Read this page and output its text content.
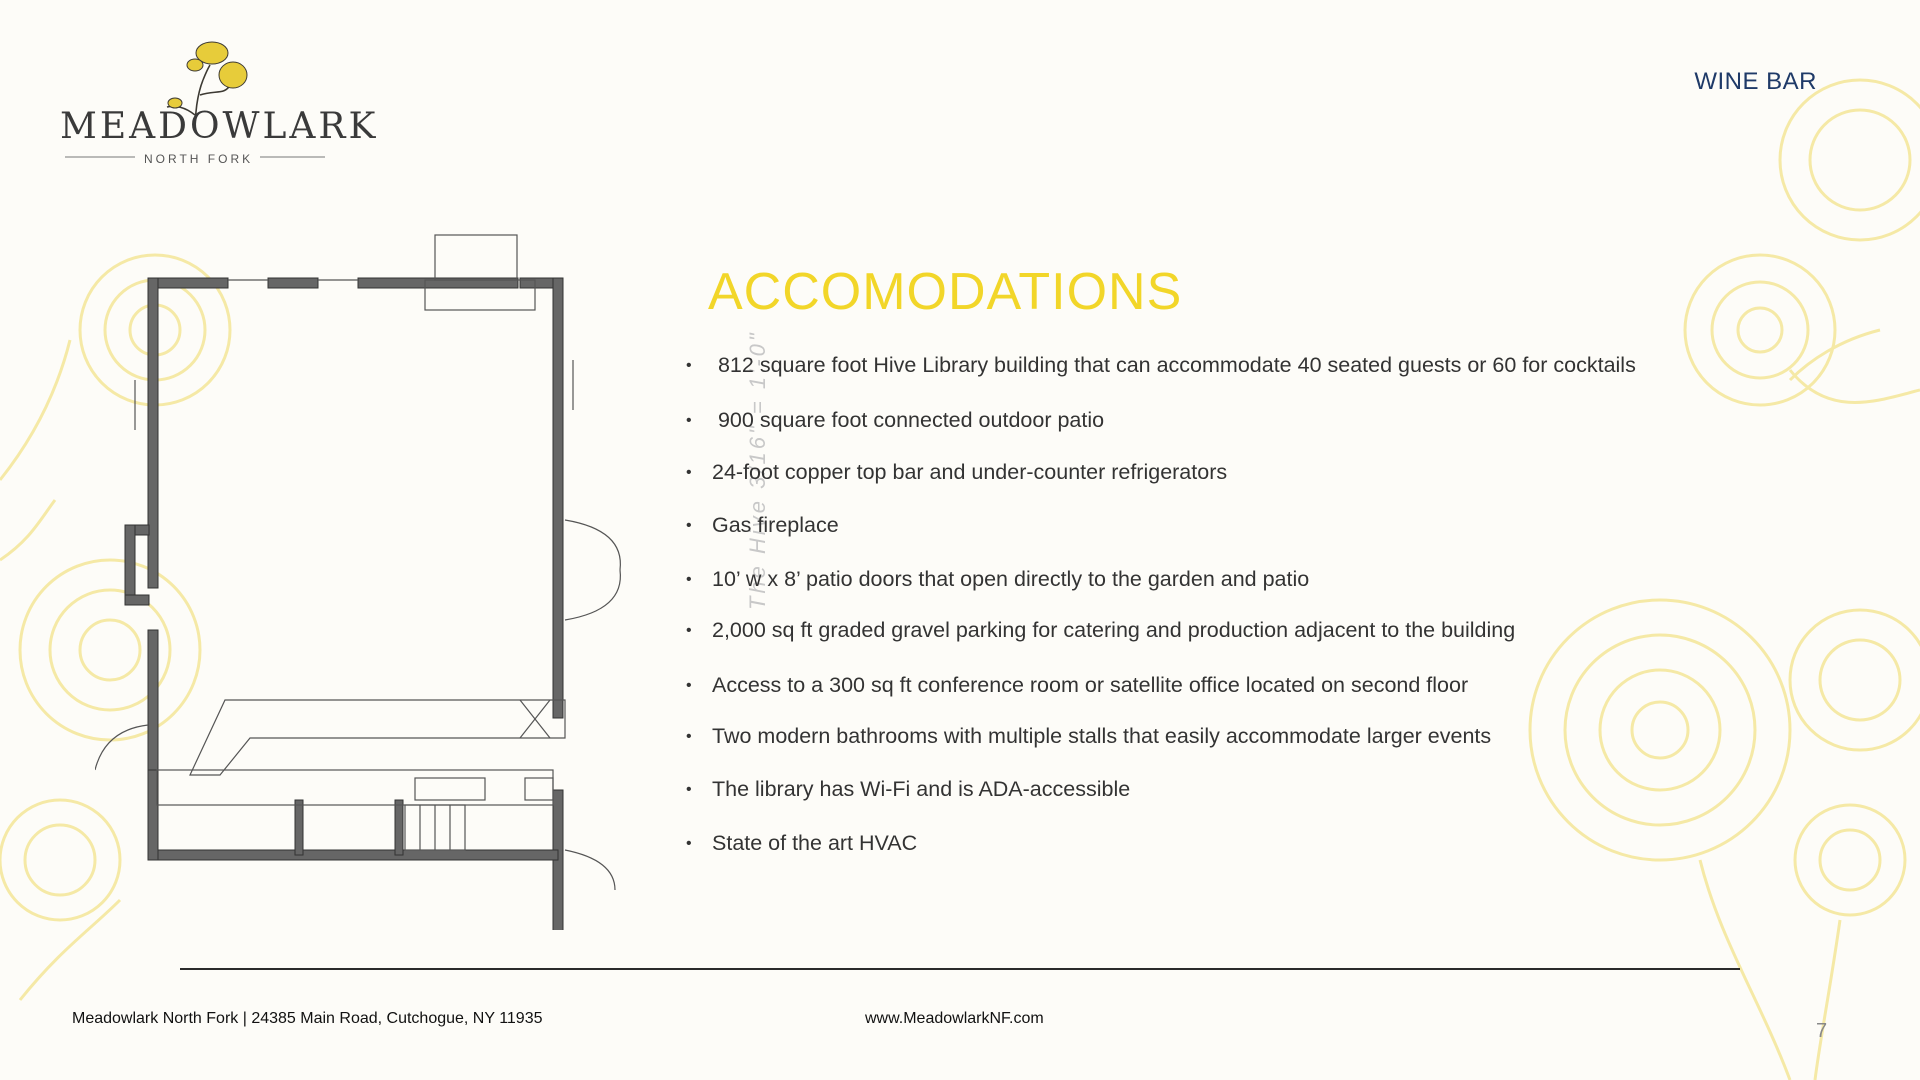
MEADOWLARK
NORTH FORK
WINE BAR
The Hive 3/16" = 1'-0"
ACCOMODATIONS
• 812 square foot Hive Library building that can accommodate 40 seated guests or 60 for cocktails
• 900 square foot connected outdoor patio
• 24-foot copper top bar and under-counter refrigerators
• Gas fireplace
• 10’ w x 8’ patio doors that open directly to the garden and patio
• 2,000 sq ft graded gravel parking for catering and production adjacent to the building
• Access to a 300 sq ft conference room or satellite office located on second floor
• Two modern bathrooms with multiple stalls that easily accommodate larger events
• The library has Wi-Fi and is ADA-accessible
• State of the art HVAC
Meadowlark North Fork | 24385 Main Road, Cutchogue, NY 11935	www.MeadowlarkNF.com
7
